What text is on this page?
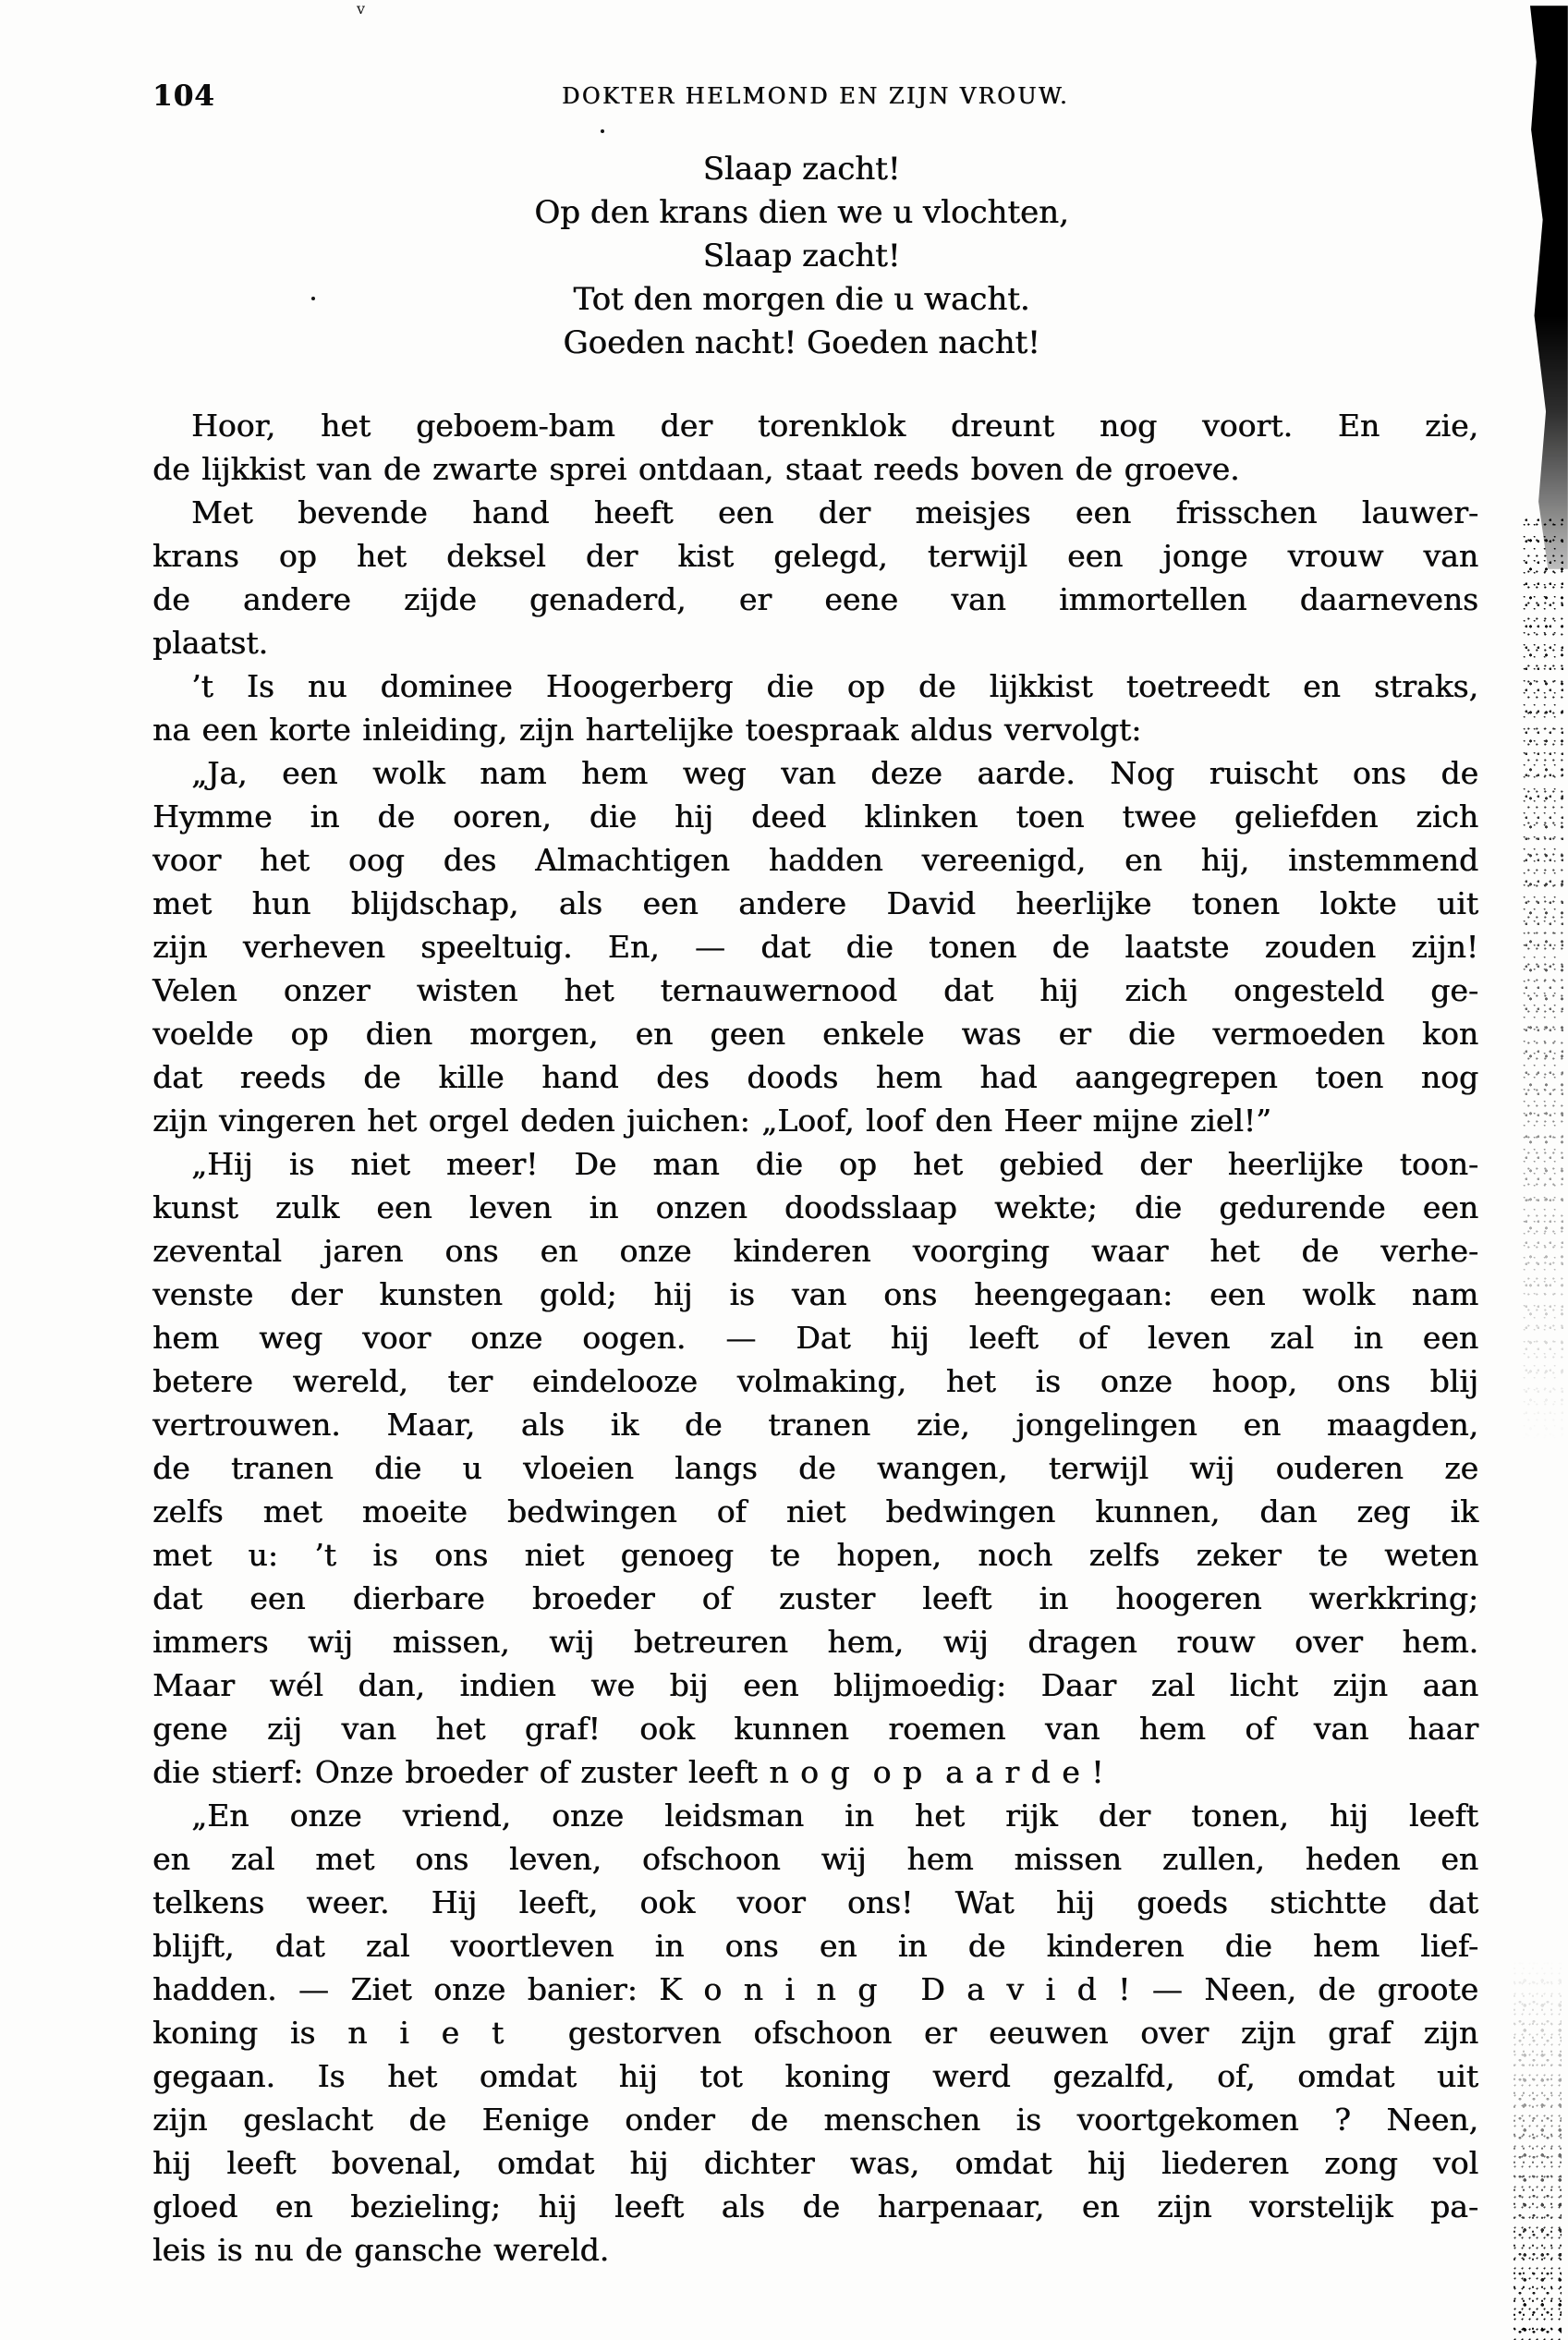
v
104	DOKTER HELMOND EN ZIJN VROUW.
Slaap zacht!
Op den krans dien we u vlochten,
Slaap zacht!
Tot den morgen die u wacht.
Goeden nacht! Goeden nacht!
Hoor, het geboem-bam der torenklok dreunt nog voort. En zie,
de lijkkist van de zwarte sprei ontdaan, staat reeds boven de groeve.
Met bevende hand heeft een der meisjes een frisschen lauwer-
krans op het deksel der kist gelegd, terwijl een jonge vrouw van
de andere zijde genaderd, er eene van immortellen daarnevens
plaatst.
’t Is nu dominee Hoogerberg die op de lijkkist toetreedt en straks,
na een korte inleiding, zijn hartelijke toespraak aldus vervolgt:
„Ja, een wolk nam hem weg van deze aarde. Nog ruischt ons de
Hymme in de ooren, die hij deed klinken toen twee geliefden zich
voor het oog des Almachtigen hadden vereenigd, en hij, instemmend
met hun blijdschap, als een andere David heerlijke tonen lokte uit
zijn verheven speeltuig. En, — dat die tonen de laatste zouden zijn!
Velen onzer wisten het ternauwernood dat hij zich ongesteld ge-
voelde op dien morgen, en geen enkele was er die vermoeden kon
dat reeds de kille hand des doods hem had aangegrepen toen nog
zijn vingeren het orgel deden juichen: „Loof, loof den Heer mijne ziel!”
„Hij is niet meer! De man die op het gebied der heerlijke toon-
kunst zulk een leven in onzen doodsslaap wekte; die gedurende een
zevental jaren ons en onze kinderen voorging waar het de verhe-
venste der kunsten gold; hij is van ons heengegaan: een wolk nam
hem weg voor onze oogen. — Dat hij leeft of leven zal in een
betere wereld, ter eindelooze volmaking, het is onze hoop, ons blij
vertrouwen. Maar, als ik de tranen zie, jongelingen en maagden,
de tranen die u vloeien langs de wangen, terwijl wij ouderen ze
zelfs met moeite bedwingen of niet bedwingen kunnen, dan zeg ik
met u: ’t is ons niet genoeg te hopen, noch zelfs zeker te weten
dat een dierbare broeder of zuster leeft in hoogeren werkkring;
immers wij missen, wij betreuren hem, wij dragen rouw over hem.
Maar wél dan, indien we bij een blijmoedig: Daar zal licht zijn aan
gene zij van het graf! ook kunnen roemen van hem of van haar
die stierf: Onze broeder of zuster leeft n o g  o p  a a r d e !
„En onze vriend, onze leidsman in het rijk der tonen, hij leeft
en zal met ons leven, ofschoon wij hem missen zullen, heden en
telkens weer. Hij leeft, ook voor ons! Wat hij goeds stichtte dat
blijft, dat zal voortleven in ons en in de kinderen die hem lief-
hadden. — Ziet onze banier: K o n i n g  D a v i d ! — Neen, de groote
koning is n i e t  gestorven ofschoon er eeuwen over zijn graf zijn
gegaan. Is het omdat hij tot koning werd gezalfd, of, omdat uit
zijn geslacht de Eenige onder de menschen is voortgekomen ? Neen,
hij leeft bovenal, omdat hij dichter was, omdat hij liederen zong vol
gloed en bezieling; hij leeft als de harpenaar, en zijn vorstelijk pa-
leis is nu de gansche wereld.
